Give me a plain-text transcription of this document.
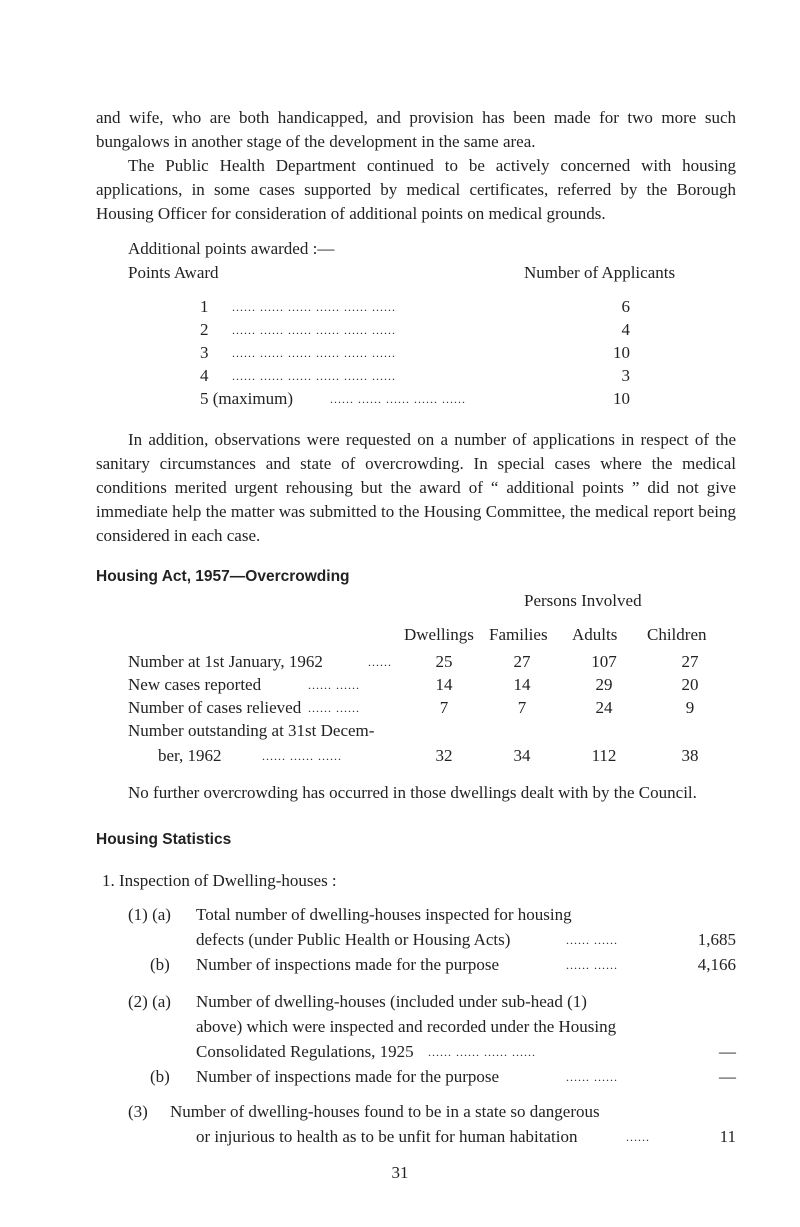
and wife, who are both handicapped, and provision has been made for two more such bungalows in another stage of the development in the same area.

The Public Health Department continued to be actively concerned with housing applications, in some cases supported by medical certificates, referred by the Borough Housing Officer for consideration of additional points on medical grounds.

Additional points awarded :—
Points Award	Number of Applicants
1 ...... ...... ...... ...... ...... ......	6
2 ...... ...... ...... ...... ...... ......	4
3 ...... ...... ...... ...... ...... ......	10
4 ...... ...... ...... ...... ...... ......	3
5 (maximum)	...... ...... ...... ...... ......	10

In addition, observations were requested on a number of applications in respect of the sanitary circumstances and state of overcrowding. In special cases where the medical conditions merited urgent rehousing but the award of “ additional points ” did not give immediate help the matter was submitted to the Housing Committee, the medical report being considered in each case.

Housing Act, 1957—Overcrowding
Persons Involved
Dwellings Families Adults Children
Number at 1st January, 1962	......	25	27	107	27
New cases reported	...... ......	14	14	29	20
Number of cases relieved ...... ......	7	7	24	9
Number outstanding at 31st Decem-
ber, 1962	...... ...... ......	32	34	112	38
No further overcrowding has occurred in those dwellings dealt with by the Council.
Housing Statistics
1. Inspection of Dwelling-houses :
(1) (a) Total number of dwelling-houses inspected for housing
defects (under Public Health or Housing Acts)	...... ......	1,685
(b) Number of inspections made for the purpose	...... ......	4,166
(2) (a) Number of dwelling-houses (included under sub-head (1)
above) which were inspected and recorded under the Housing
Consolidated Regulations, 1925 ...... ...... ...... ......	—
(b) Number of inspections made for the purpose	...... ......	—
(3) Number of dwelling-houses found to be in a state so dangerous
or injurious to health as to be unfit for human habitation	......	11
31
